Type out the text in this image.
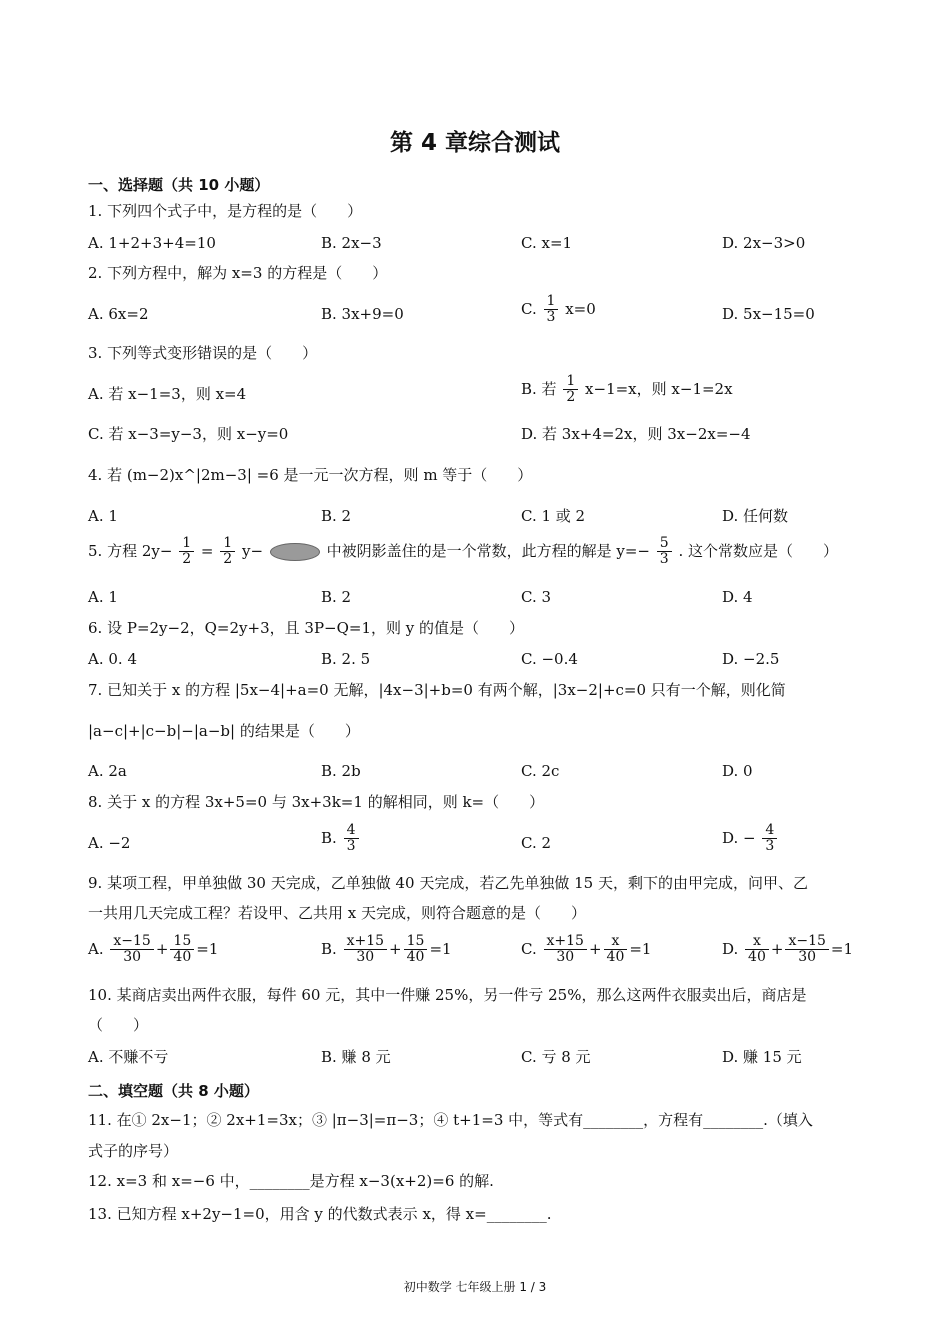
第 4 章综合测试
一、选择题（共 10 小题）
1. 下列四个式子中，是方程的是（　　）
A. 1+2+3+4=10	B. 2x−3	C. x=1	D. 2x−3>0
2. 下列方程中，解为 x=3 的方程是（　　）
A. 6x=2	B. 3x+9=0	C. $\frac{1}{3} x=0$	D. 5x−15=0
3. 下列等式变形错误的是（　　）
A. 若 x−1=3，则 x=4	B. 若 $\frac{1}{2} x-1=x$，则 x−1=2x
C. 若 x−3=y−3，则 x−y=0	D. 若 3x+4=2x，则 3x−2x=−4
4. 若 (m−2)x^|2m−3| =6 是一元一次方程，则 m 等于（　　）
A. 1	B. 2	C. 1 或 2	D. 任何数
5. 方程 $2y- \frac{1}{2} = \frac{1}{2} y-$	中被阴影盖住的是一个常数，此方程的解是 $y=- \frac{5}{3}$ . 这个常数应是（　　）
A. 1	B. 2	C. 3	D. 4
6. 设 P=2y−2，Q=2y+3，且 3P−Q=1，则 y 的值是（　　）
A. 0. 4	B. 2. 5	C. −0.4	D. −2.5
7. 已知关于 x 的方程 |5x−4|+a=0 无解，|4x−3|+b=0 有两个解，|3x−2|+c=0 只有一个解，则化简
|a−c|+|c−b|−|a−b| 的结果是（　　）
A. 2a	B. 2b	C. 2c	D. 0
8. 关于 x 的方程 3x+5=0 与 3x+3k=1 的解相同，则 k=（　　）
A. −2	B. $\frac{4}{3}$	C. 2	D. − $\frac{4}{3}$
9. 某项工程，甲单独做 30 天完成，乙单独做 40 天完成，若乙先单独做 15 天，剩下的由甲完成，问甲、乙
一共用几天完成工程？若设甲、乙共用 x 天完成，则符合题意的是（　　）
A. $\frac{x-15}{30} + \frac{15}{40} =1$	B. $\frac{x+15}{30} + \frac{15}{40} =1$	C. $\frac{x+15}{30} + \frac{x}{40} =1$	D. $\frac{x}{40} + \frac{x-15}{30} =1$
10. 某商店卖出两件衣服，每件 60 元，其中一件赚 25%，另一件亏 25%，那么这两件衣服卖出后，商店是
（　　）
A. 不赚不亏	B. 赚 8 元	C. 亏 8 元	D. 赚 15 元
二、填空题（共 8 小题）
11. 在① 2x−1；② 2x+1=3x；③ |π−3|=π−3；④ t+1=3 中，等式有________，方程有________.（填入
式子的序号）
12. x=3 和 x=−6 中，________是方程 x−3(x+2)=6 的解.
13. 已知方程 x+2y−1=0，用含 y 的代数式表示 x，得 x=________.
初中数学 七年级上册 1 / 3
